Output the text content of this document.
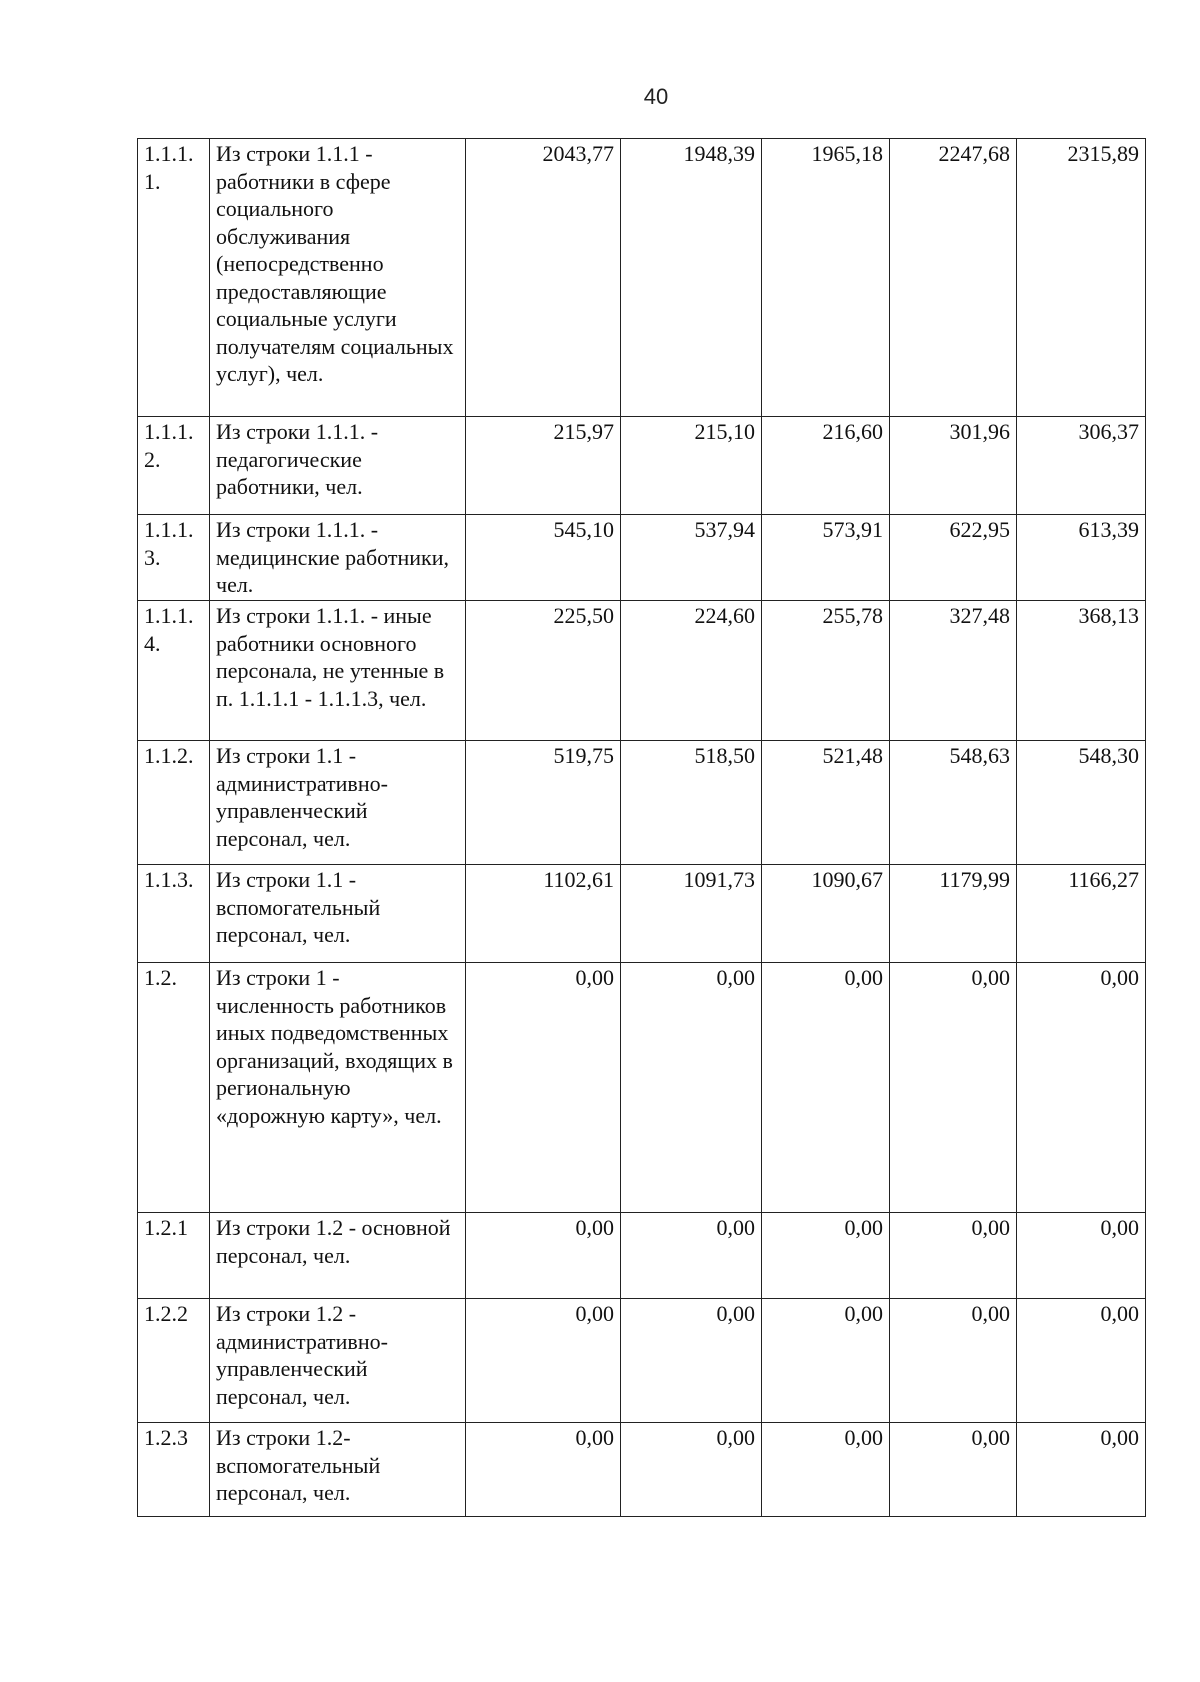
40
1.1.1.1.	Из строки 1.1.1 - работники в сфере социального обслуживания (непосредственно предоставляющие социальные услуги получателям социальных услуг), чел.	2043,77	1948,39	1965,18	2247,68	2315,89
1.1.1.2.	Из строки 1.1.1. - педагогические работники, чел.	215,97	215,10	216,60	301,96	306,37
1.1.1.3.	Из строки 1.1.1. - медицинские работники, чел.	545,10	537,94	573,91	622,95	613,39
1.1.1.4.	Из строки 1.1.1. - иные работники основного персонала, не утенные в п. 1.1.1.1 - 1.1.1.3, чел.	225,50	224,60	255,78	327,48	368,13
1.1.2.	Из строки 1.1 - административно-управленческий персонал, чел.	519,75	518,50	521,48	548,63	548,30
1.1.3.	Из строки 1.1 - вспомогательный персонал, чел.	1102,61	1091,73	1090,67	1179,99	1166,27
1.2.	Из строки 1 - численность работников иных подведомственных организаций, входящих в региональную «дорожную карту», чел.	0,00	0,00	0,00	0,00	0,00
1.2.1	Из строки 1.2 - основной персонал, чел.	0,00	0,00	0,00	0,00	0,00
1.2.2	Из строки 1.2 - административно-управленческий персонал, чел.	0,00	0,00	0,00	0,00	0,00
1.2.3	Из строки 1.2- вспомогательный персонал, чел.	0,00	0,00	0,00	0,00	0,00
